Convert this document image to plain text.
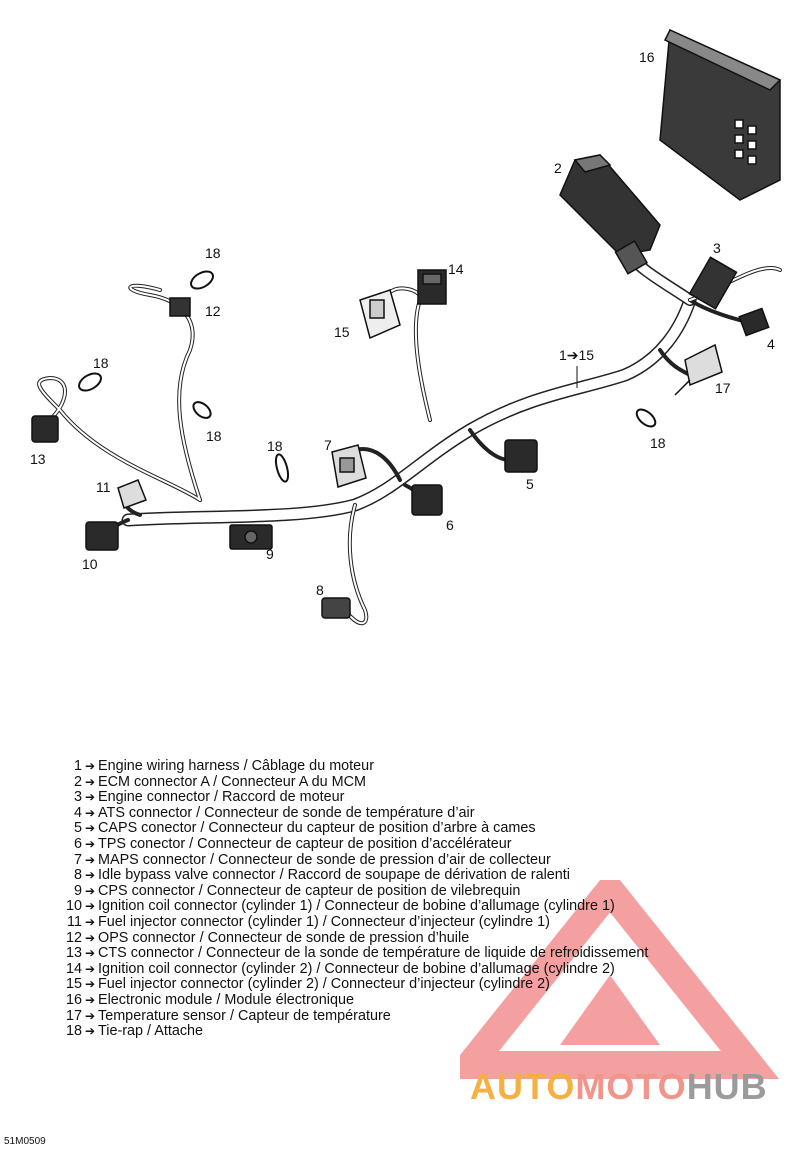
1➔15
2
3
4
5
6
7
8
9
10
11
12
13
14
15
16
17
18
18
18
18	18
AUTOMOTOHUB
1 ➔ Engine wiring harness / Câblage du moteur
2 ➔ ECM connector A / Connecteur A du MCM
3 ➔ Engine connector / Raccord de moteur
4 ➔ ATS connector / Connecteur de sonde de température d’air
5 ➔ CAPS conector / Connecteur du capteur de position d’arbre à cames
6 ➔ TPS conector / Connecteur de capteur de position d’accélérateur
7 ➔ MAPS connector / Connecteur de sonde de pression d’air de collecteur
8 ➔ Idle bypass valve connector / Raccord de soupape de dérivation de ralenti
9 ➔ CPS connector / Connecteur de capteur de position de vilebrequin
10 ➔ Ignition coil connector (cylinder 1) / Connecteur de bobine d’allumage (cylindre 1)
11 ➔ Fuel injector connector (cylinder 1) / Connecteur d’injecteur (cylindre 1)
12 ➔ OPS connector / Connecteur de sonde de pression d’huile
13 ➔ CTS connector / Connecteur de la sonde de température de liquide de refroidissement
14 ➔ Ignition coil connector (cylinder 2) / Connecteur de bobine d’allumage (cylindre 2)
15 ➔ Fuel injector connector (cylinder 2) / Connecteur d’injecteur (cylindre 2)
16 ➔ Electronic module / Module électronique
17 ➔ Temperature sensor / Capteur de température
18 ➔ Tie-rap / Attache
51M0509
